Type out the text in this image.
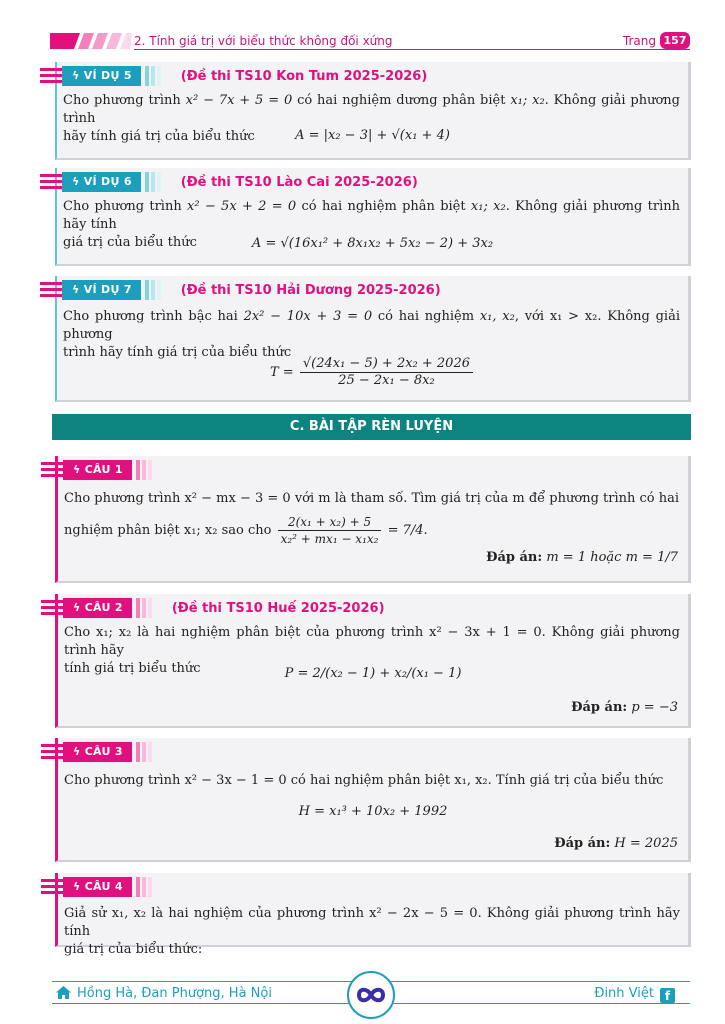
2. Tính giá trị với biểu thức không đối xứng	Trang 157
ϟ VÍ DỤ 5	(Đề thi TS10 Kon Tum 2025-2026)
Cho phương trình x² − 7x + 5 = 0 có hai nghiệm dương phân biệt x₁; x₂. Không giải phương trình
hãy tính giá trị của biểu thức	A = |x₂ − 3| + √(x₁ + 4)
ϟ VÍ DỤ 6	(Đề thi TS10 Lào Cai 2025-2026)
Cho phương trình x² − 5x + 2 = 0 có hai nghiệm phân biệt x₁; x₂. Không giải phương trình hãy tính
giá trị của biểu thức	A = √(16x₁² + 8x₁x₂ + 5x₂ − 2) + 3x₂
ϟ VÍ DỤ 7	(Đề thi TS10 Hải Dương 2025-2026)
Cho phương trình bậc hai 2x² − 10x + 3 = 0 có hai nghiệm x₁, x₂, với x₁ > x₂. Không giải phương
trình hãy tính giá trị của biểu thức
$T = \frac{\text{√(24x₁ − 5) + 2x₂ + 2026}}{\text{25 − 2x₁ − 8x₂}}$
C. BÀI TẬP RÈN LUYỆN
ϟ CÂU 1
Cho phương trình x² − mx − 3 = 0 với m là tham số. Tìm giá trị của m để phương trình có hai
nghiệm phân biệt x₁; x₂ sao cho $\frac{\text{2(x₁ + x₂) + 5}}{\text{x₂² + mx₁ − x₁x₂}} = 7/4$.
Đáp án: m = 1 hoặc m = 1/7
ϟ CÂU 2	(Đề thi TS10 Huế 2025-2026)
Cho x₁; x₂ là hai nghiệm phân biệt của phương trình x² − 3x + 1 = 0. Không giải phương trình hãy
tính giá trị biểu thức	P = 2/(x₂ − 1) + x₂/(x₁ − 1)
Đáp án: p = −3
ϟ CÂU 3
Cho phương trình x² − 3x − 1 = 0 có hai nghiệm phân biệt x₁, x₂. Tính giá trị của biểu thức
H = x₁³ + 10x₂ + 1992
Đáp án: H = 2025
ϟ CÂU 4
Giả sử x₁, x₂ là hai nghiệm của phương trình x² − 2x − 5 = 0. Không giải phương trình hãy tính
giá trị của biểu thức:
Hồng Hà, Đan Phượng, Hà Nội	Đinh Việt f
